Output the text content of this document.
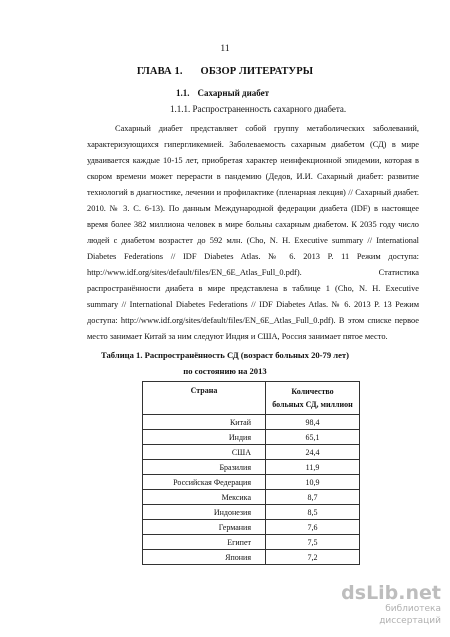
11
ГЛАВА 1. ОБЗОР ЛИТЕРАТУРЫ
1.1. Сахарный диабет
1.1.1. Распространенность сахарного диабета.

Сахарный диабет представляет собой группу метаболических заболеваний, характеризующихся гипергликемией. Заболеваемость сахарным диабетом (СД) в мире удваивается каждые 10-15 лет, приобретая характер неинфекционной эпидемии, которая в скором времени может перерасти в пандемию (Дедов, И.И. Сахарный диабет: развитие технологий в диагностике, лечении и профилактике (пленарная лекция) // Сахарный диабет. 2010. № 3. С. 6-13). По данным Международной федерации диабета (IDF) в настоящее время более 382 миллиона человек в мире больны сахарным диабетом. К 2035 году число людей с диабетом возрастет до 592 млн. (Cho, N. H. Executive summary // International Diabetes Federations // IDF Diabetes Atlas. № 6. 2013 P. 11 Режим доступа: http://www.idf.org/sites/default/files/EN_6E_Atlas_Full_0.pdf). Статистика распространённости диабета в мире представлена в таблице 1 (Cho, N. H. Executive summary // International Diabetes Federations // IDF Diabetes Atlas. № 6. 2013 P. 13 Режим доступа: http://www.idf.org/sites/default/files/EN_6E_Atlas_Full_0.pdf). В этом списке первое место занимает Китай за ним следуют Индия и США, Россия занимает пятое место.

Таблица 1. Распространённость СД (возраст больных 20-79 лет)
по состоянию на 2013
Страна	Количество
больных СД, миллион

Китай	98,4
Индия	65,1
США	24,4
Бразилия	11,9
Российская Федерация	10,9
Мексика	8,7
Индонезия	8,5
Германия	7,6
Египет	7,5
Япония	7,2
dsLib.net
библиотека диссертаций
